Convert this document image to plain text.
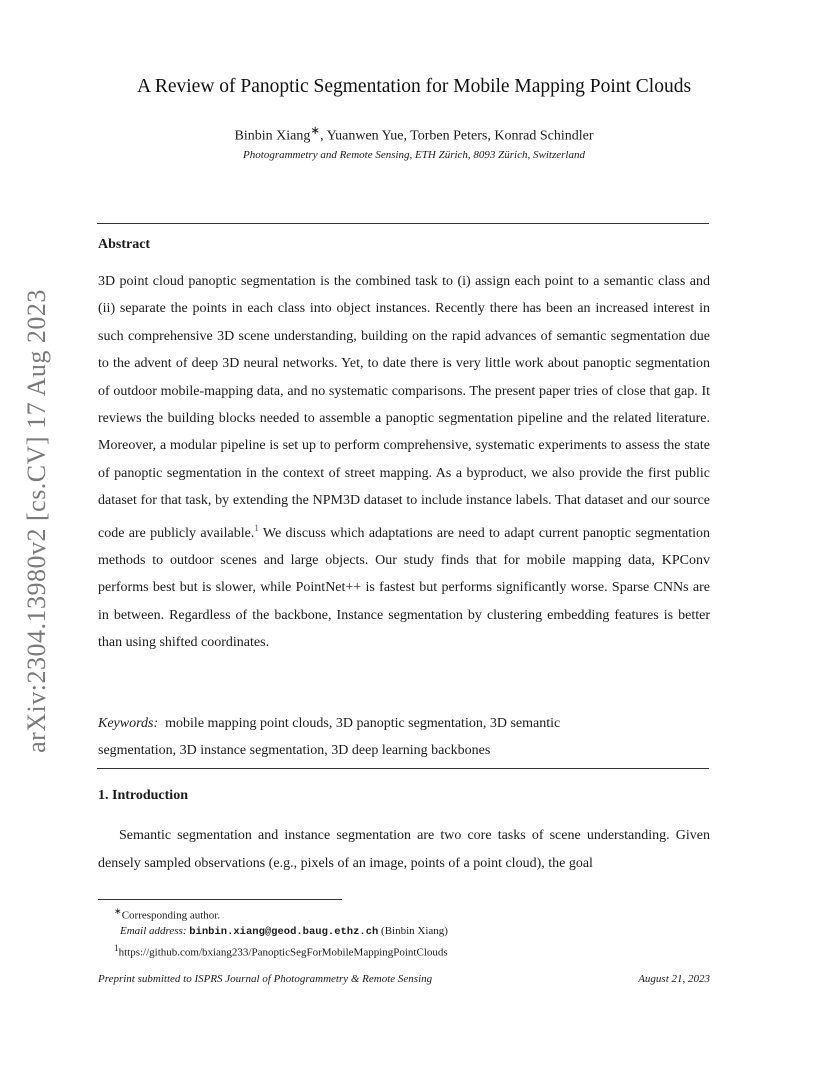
arXiv:2304.13980v2 [cs.CV] 17 Aug 2023
A Review of Panoptic Segmentation for Mobile Mapping Point Clouds
Binbin Xiang∗, Yuanwen Yue, Torben Peters, Konrad Schindler
Photogrammetry and Remote Sensing, ETH Zürich, 8093 Zürich, Switzerland
Abstract
3D point cloud panoptic segmentation is the combined task to (i) assign each point to a semantic class and (ii) separate the points in each class into object instances. Recently there has been an increased interest in such comprehensive 3D scene understanding, building on the rapid advances of semantic segmentation due to the advent of deep 3D neural networks. Yet, to date there is very little work about panoptic segmentation of outdoor mobile-mapping data, and no systematic comparisons. The present paper tries of close that gap. It reviews the building blocks needed to assemble a panoptic segmentation pipeline and the related literature. Moreover, a modular pipeline is set up to perform comprehensive, systematic experiments to assess the state of panoptic segmentation in the context of street mapping. As a byproduct, we also provide the first public dataset for that task, by extending the NPM3D dataset to include instance labels. That dataset and our source code are publicly available.$^1$ We discuss which adaptations are need to adapt current panoptic segmentation methods to outdoor scenes and large objects. Our study finds that for mobile mapping data, KPConv performs best but is slower, while PointNet++ is fastest but performs significantly worse. Sparse CNNs are in between. Regardless of the backbone, Instance segmentation by clustering embedding features is better than using shifted coordinates.
Keywords: mobile mapping point clouds, 3D panoptic segmentation, 3D semantic
segmentation, 3D instance segmentation, 3D deep learning backbones
1. Introduction
Semantic segmentation and instance segmentation are two core tasks of scene understanding. Given densely sampled observations (e.g., pixels of an image, points of a point cloud), the goal
∗Corresponding author.
Email address: binbin.xiang@geod.baug.ethz.ch (Binbin Xiang)
$^1$https://github.com/bxiang233/PanopticSegForMobileMappingPointClouds
Preprint submitted to ISPRS Journal of Photogrammetry & Remote Sensing	August 21, 2023
